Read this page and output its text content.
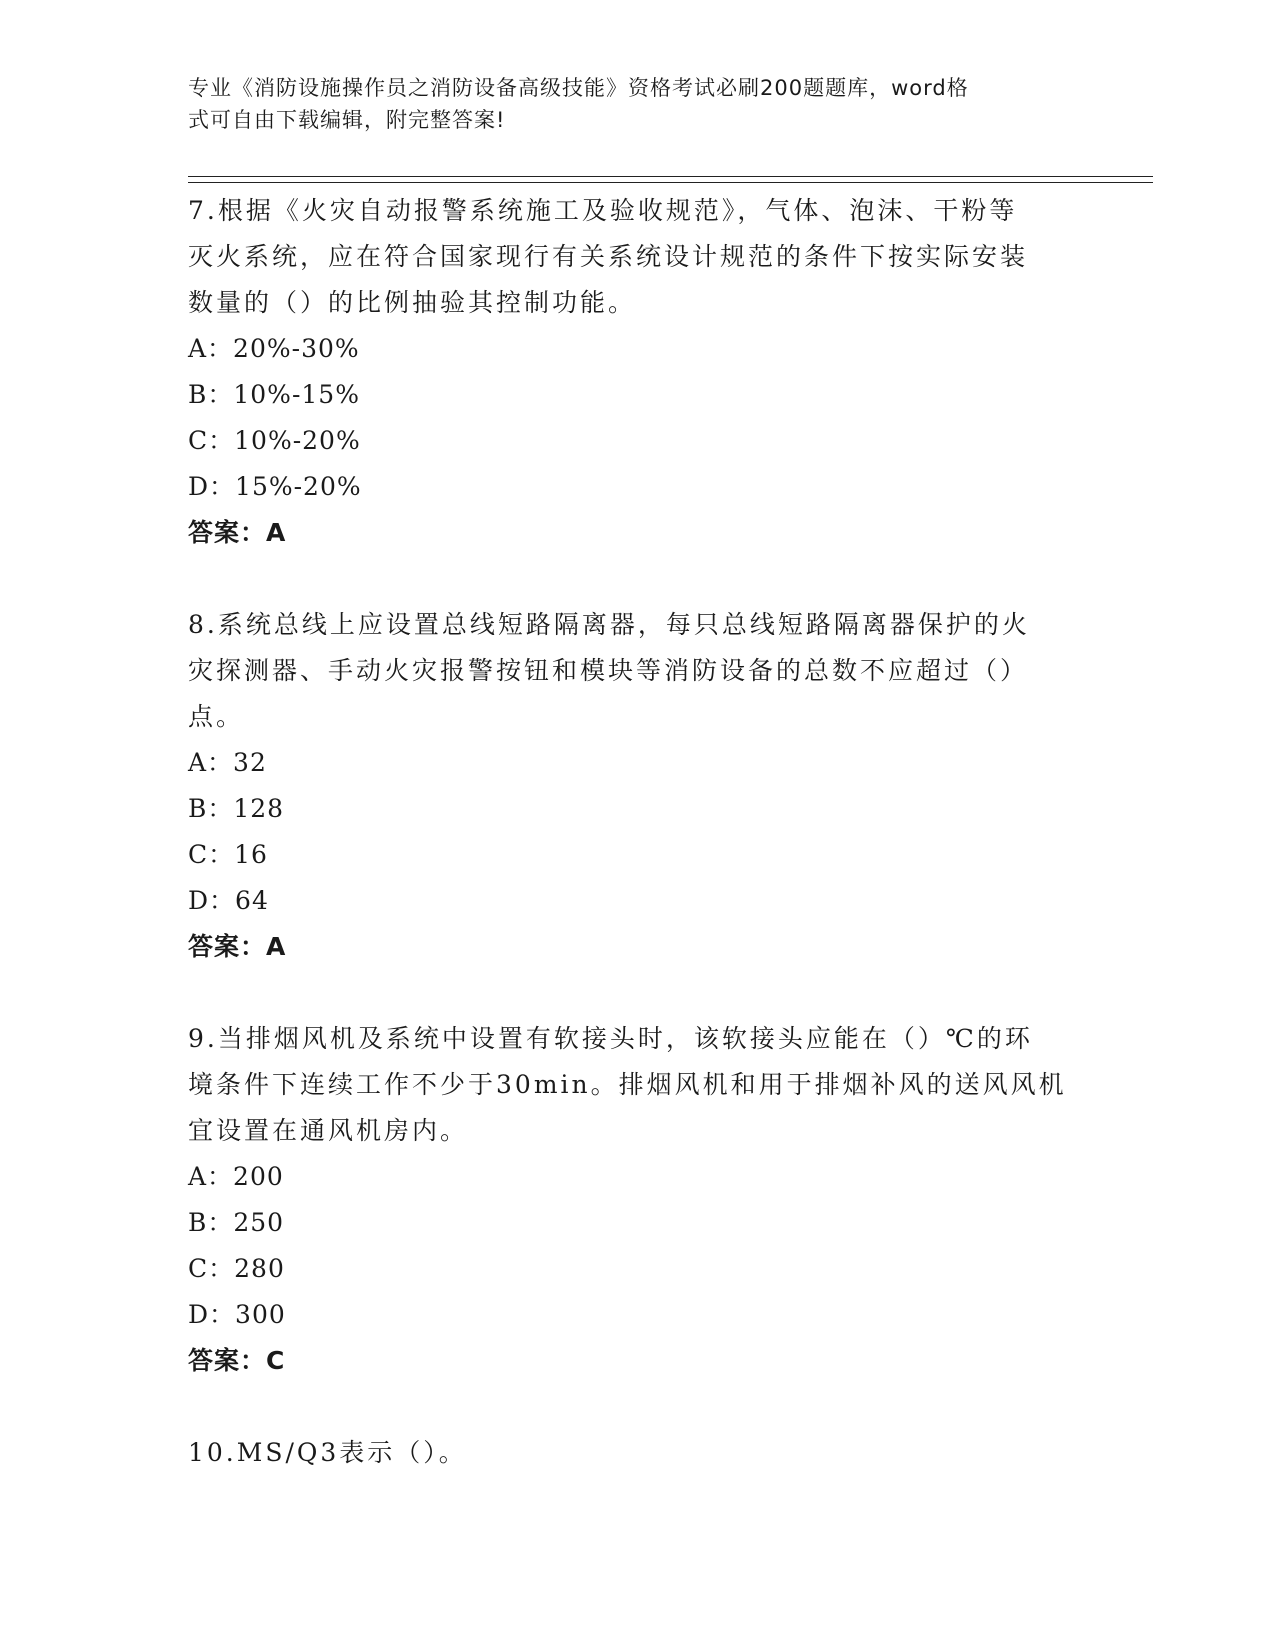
专业《消防设施操作员之消防设备高级技能》资格考试必刷200题题库，word格
式可自由下载编辑，附完整答案!

7.根据《火灾自动报警系统施工及验收规范》，气体、泡沫、干粉等
灭火系统，应在符合国家现行有关系统设计规范的条件下按实际安装
数量的（）的比例抽验其控制功能。

A：20%-30%
B：10%-15%
C：10%-20%
D：15%-20%
答案：A

8.系统总线上应设置总线短路隔离器，每只总线短路隔离器保护的火
灾探测器、手动火灾报警按钮和模块等消防设备的总数不应超过（）
点。

A：32
B：128
C：16
D：64
答案：A

9.当排烟风机及系统中设置有软接头时，该软接头应能在（）℃的环
境条件下连续工作不少于30min。排烟风机和用于排烟补风的送风风机
宜设置在通风机房内。

A：200
B：250
C：280
D：300
答案：C

10.MS/Q3表示（）。
